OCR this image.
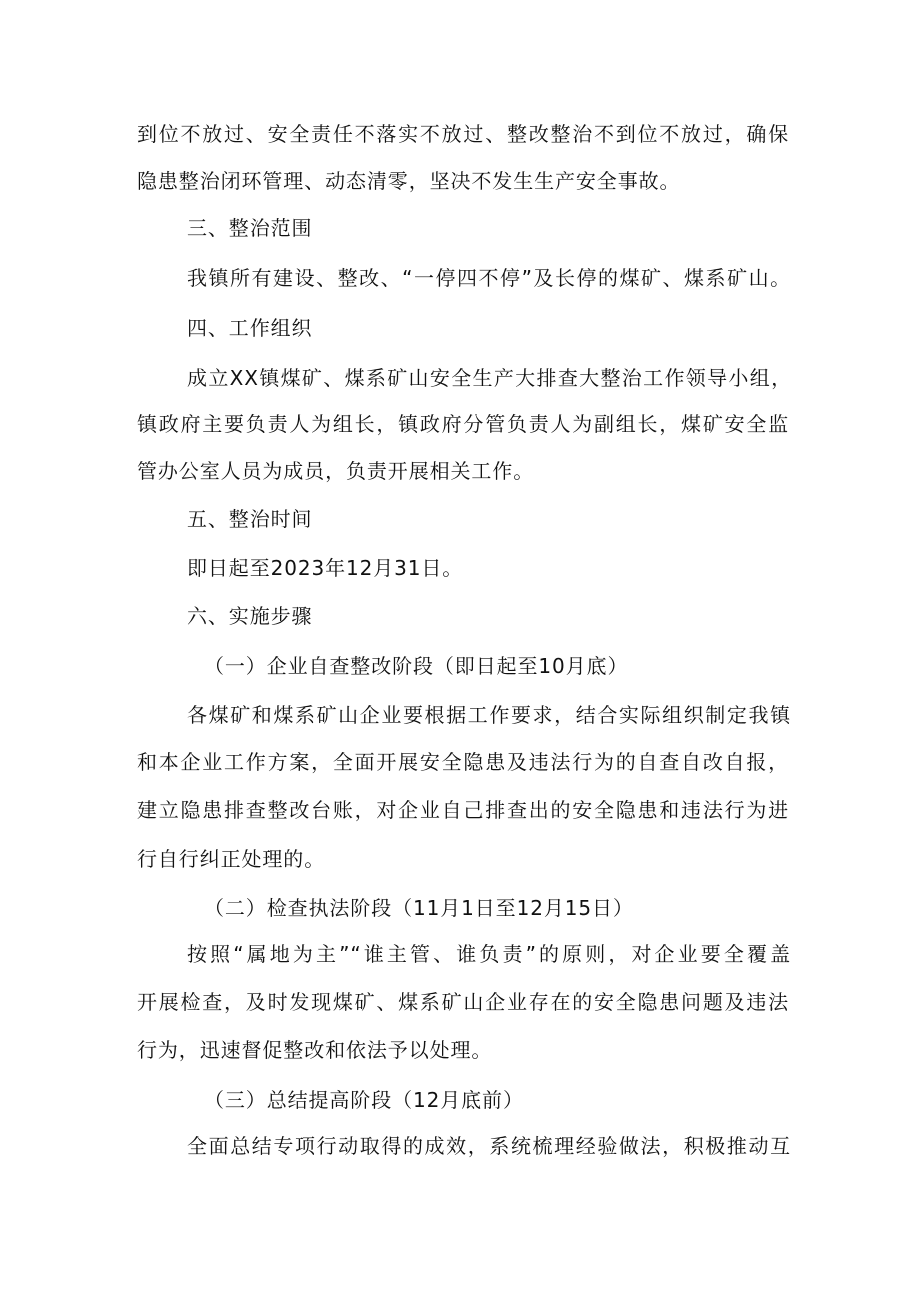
到位不放过、安全责任不落实不放过、整改整治不到位不放过，确保
隐患整治闭环管理、动态清零，坚决不发生生产安全事故。
三、整治范围
我镇所有建设、整改、“一停四不停”及长停的煤矿、煤系矿山。
四、工作组织
成立XX镇煤矿、煤系矿山安全生产大排查大整治工作领导小组，
镇政府主要负责人为组长，镇政府分管负责人为副组长，煤矿安全监
管办公室人员为成员，负责开展相关工作。
五、整治时间
即日起至2023年12月31日。
六、实施步骤
（一）企业自查整改阶段（即日起至10月底）
各煤矿和煤系矿山企业要根据工作要求，结合实际组织制定我镇
和本企业工作方案，全面开展安全隐患及违法行为的自查自改自报，
建立隐患排查整改台账，对企业自己排查出的安全隐患和违法行为进
行自行纠正处理的。
（二）检查执法阶段（11月1日至12月15日）
按照“属地为主”“谁主管、谁负责”的原则，对企业要全覆盖
开展检查，及时发现煤矿、煤系矿山企业存在的安全隐患问题及违法
行为，迅速督促整改和依法予以处理。
（三）总结提高阶段（12月底前）
全面总结专项行动取得的成效，系统梳理经验做法，积极推动互
